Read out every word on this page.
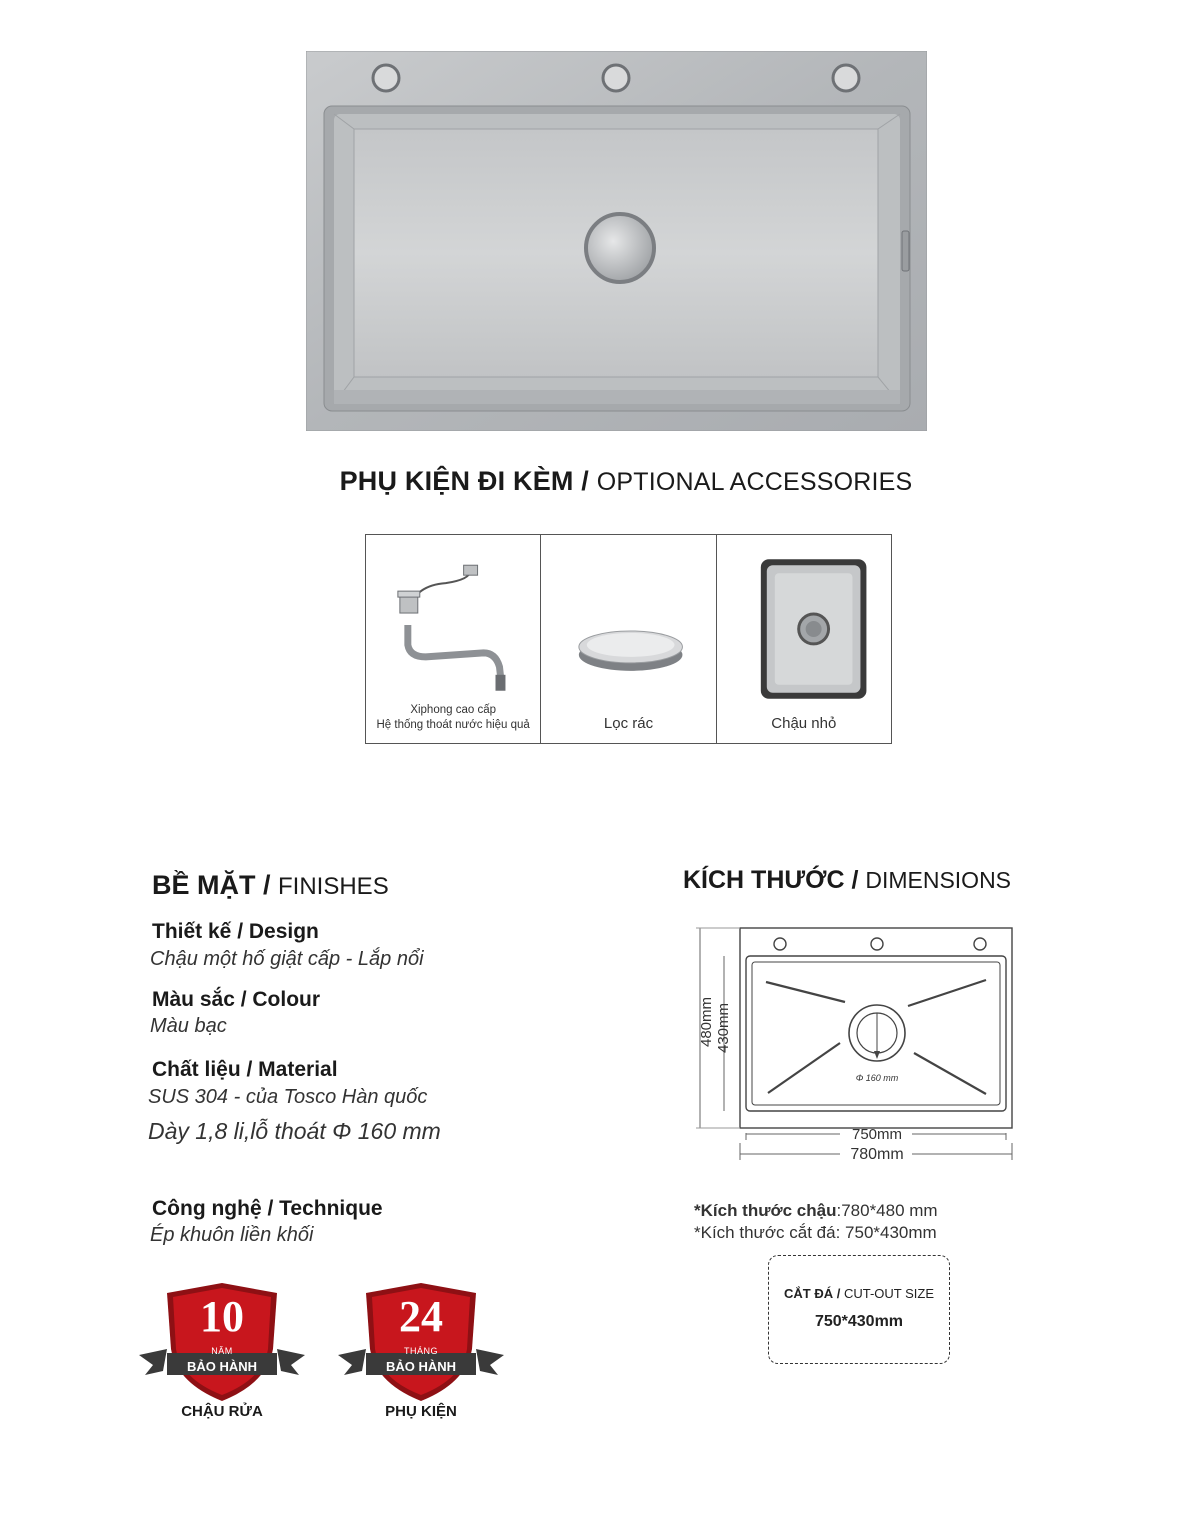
PHỤ KIỆN ĐI KÈM / OPTIONAL ACCESSORIES
Xiphong cao cấp
Hệ thống thoát nước hiệu quả	Lọc rác	Chậu nhỏ
BỀ MẶT / FINISHES
Thiết kế / Design
Chậu một hố giật cấp - Lắp nổi
Màu sắc / Colour
Màu bạc
Chất liệu / Material
SUS 304 - của Tosco Hàn quốc
Dày 1,8 li,lỗ thoát Φ 160 mm
Công nghệ / Technique
Ép khuôn liền khối
10
NĂM
BẢO HÀNH
CHẬU RỬA
24
THÁNG
BẢO HÀNH
PHỤ KIỆN
KÍCH THƯỚC / DIMENSIONS
480mm 430mm
750mm
780mm
Φ 160 mm
*Kích thước chậu:780*480 mm
*Kích thước cắt đá: 750*430mm
CẮT ĐÁ / CUT-OUT SIZE
750*430mm
